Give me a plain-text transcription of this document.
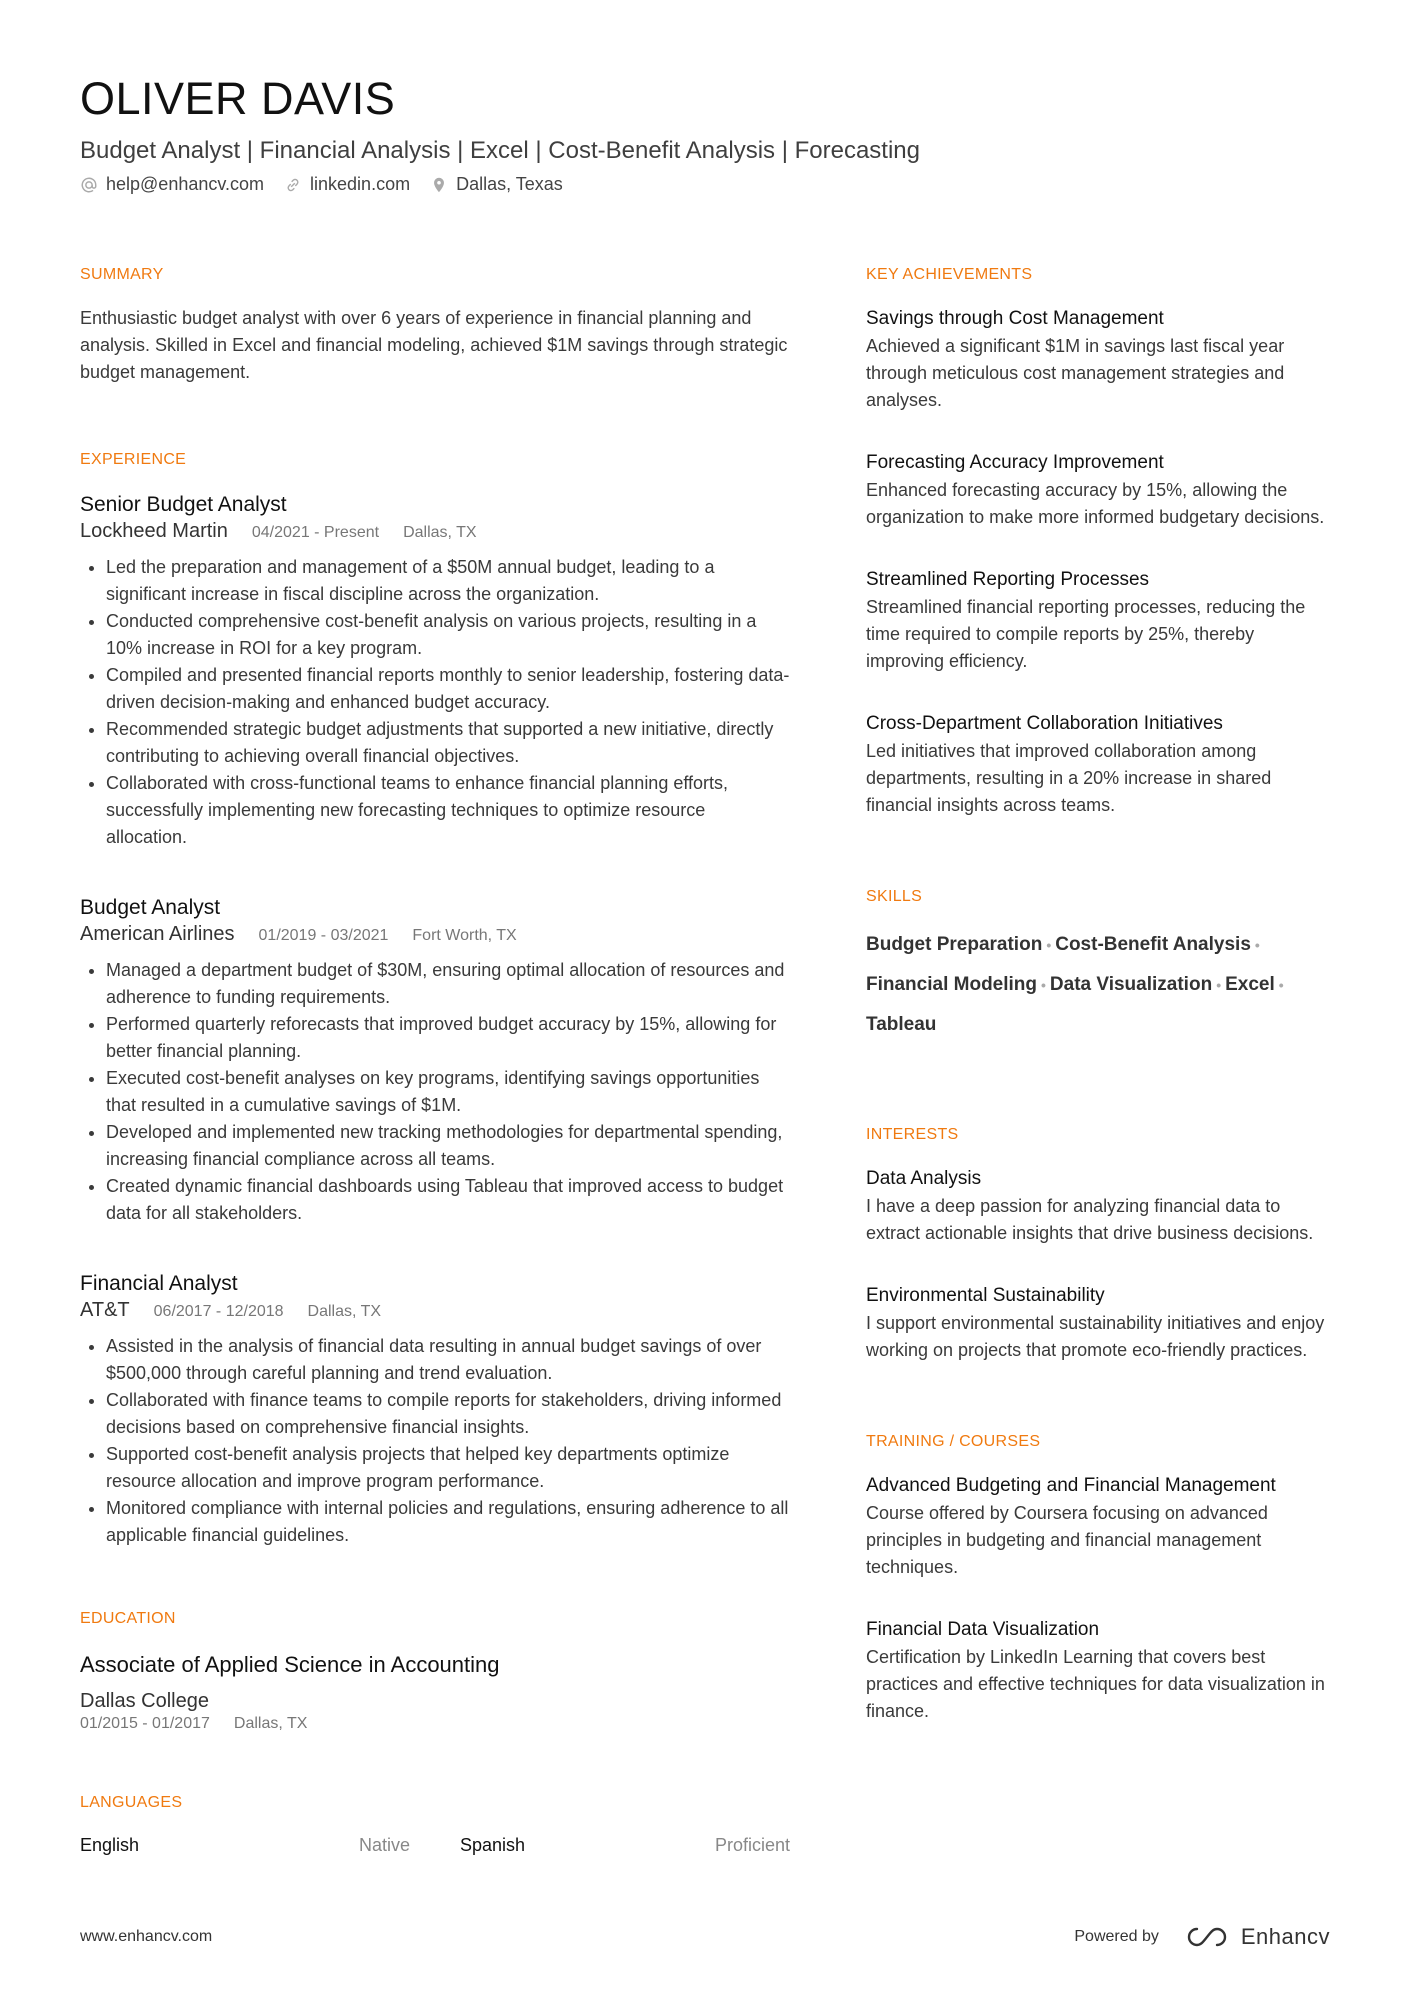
OLIVER DAVIS
Budget Analyst | Financial Analysis | Excel | Cost-Benefit Analysis | Forecasting
help@enhancv.com	linkedin.com	Dallas, Texas
SUMMARY
Enthusiastic budget analyst with over 6 years of experience in financial planning and analysis. Skilled in Excel and financial modeling, achieved $1M savings through strategic budget management.
EXPERIENCE
Senior Budget Analyst
Lockheed Martin 04/2021 - Present Dallas, TX
• Led the preparation and management of a $50M annual budget, leading to a significant increase in fiscal discipline across the organization.
• Conducted comprehensive cost-benefit analysis on various projects, resulting in a 10% increase in ROI for a key program.
• Compiled and presented financial reports monthly to senior leadership, fostering data-driven decision-making and enhanced budget accuracy.
• Recommended strategic budget adjustments that supported a new initiative, directly contributing to achieving overall financial objectives.
• Collaborated with cross-functional teams to enhance financial planning efforts, successfully implementing new forecasting techniques to optimize resource allocation.
Budget Analyst
American Airlines 01/2019 - 03/2021 Fort Worth, TX
• Managed a department budget of $30M, ensuring optimal allocation of resources and adherence to funding requirements.
• Performed quarterly reforecasts that improved budget accuracy by 15%, allowing for better financial planning.
• Executed cost-benefit analyses on key programs, identifying savings opportunities that resulted in a cumulative savings of $1M.
• Developed and implemented new tracking methodologies for departmental spending, increasing financial compliance across all teams.
• Created dynamic financial dashboards using Tableau that improved access to budget data for all stakeholders.
Financial Analyst
AT&T 06/2017 - 12/2018 Dallas, TX
• Assisted in the analysis of financial data resulting in annual budget savings of over $500,000 through careful planning and trend evaluation.
• Collaborated with finance teams to compile reports for stakeholders, driving informed decisions based on comprehensive financial insights.
• Supported cost-benefit analysis projects that helped key departments optimize resource allocation and improve program performance.
• Monitored compliance with internal policies and regulations, ensuring adherence to all applicable financial guidelines.
EDUCATION
Associate of Applied Science in Accounting
Dallas College
01/2015 - 01/2017 Dallas, TX
LANGUAGES
English	Native	Spanish	Proficient
KEY ACHIEVEMENTS
Savings through Cost Management
Achieved a significant $1M in savings last fiscal year through meticulous cost management strategies and analyses.
Forecasting Accuracy Improvement
Enhanced forecasting accuracy by 15%, allowing the organization to make more informed budgetary decisions.
Streamlined Reporting Processes
Streamlined financial reporting processes, reducing the time required to compile reports by 25%, thereby improving efficiency.
Cross-Department Collaboration Initiatives
Led initiatives that improved collaboration among departments, resulting in a 20% increase in shared financial insights across teams.
SKILLS
Budget Preparation • Cost-Benefit Analysis •
Financial Modeling • Data Visualization • Excel •
Tableau
INTERESTS
Data Analysis
I have a deep passion for analyzing financial data to extract actionable insights that drive business decisions.
Environmental Sustainability
I support environmental sustainability initiatives and enjoy working on projects that promote eco-friendly practices.
TRAINING / COURSES
Advanced Budgeting and Financial Management
Course offered by Coursera focusing on advanced principles in budgeting and financial management techniques.
Financial Data Visualization
Certification by LinkedIn Learning that covers best practices and effective techniques for data visualization in finance.
www.enhancv.com	Powered by	Enhancv
